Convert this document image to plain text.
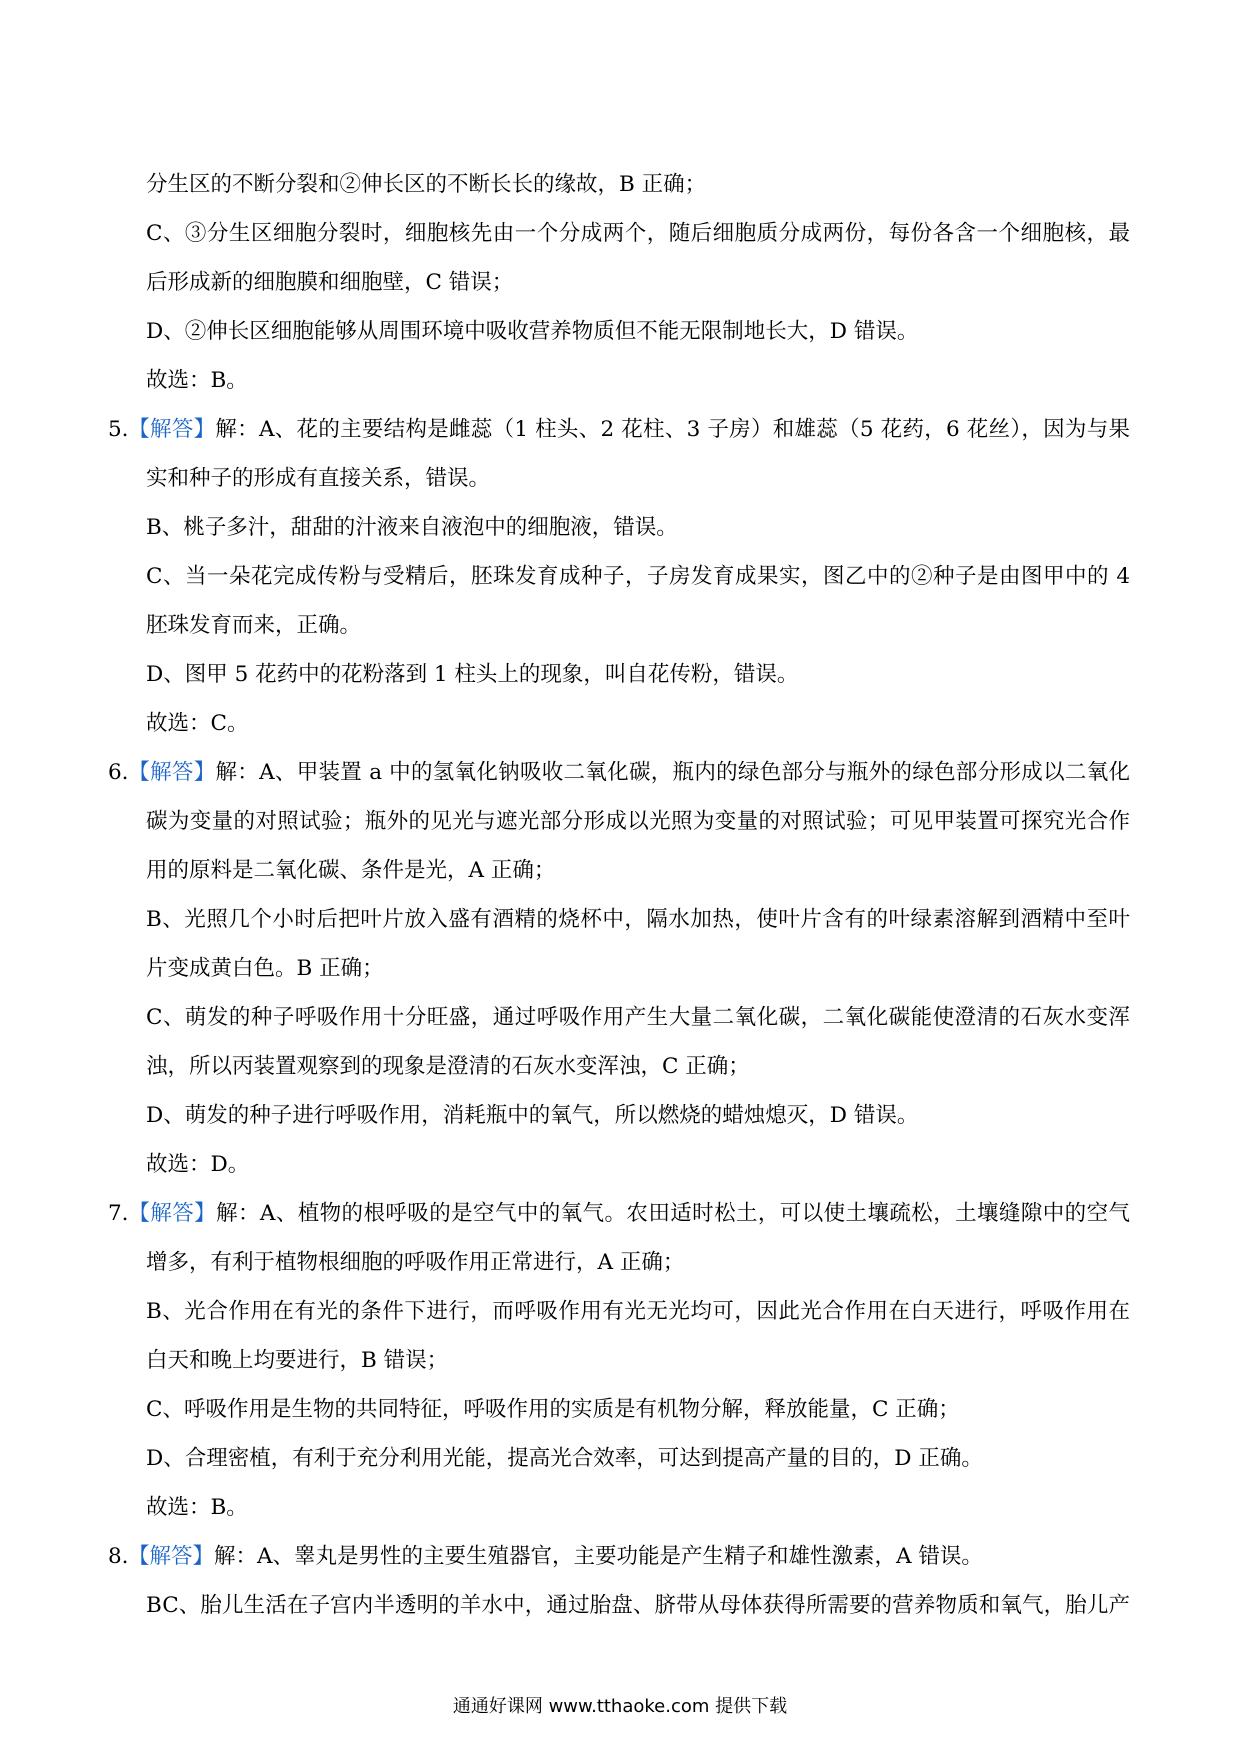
分生区的不断分裂和②伸长区的不断长长的缘故，B 正确；
C、③分生区细胞分裂时，细胞核先由一个分成两个，随后细胞质分成两份，每份各含一个细胞核，最
后形成新的细胞膜和细胞壁，C 错误；
D、②伸长区细胞能够从周围环境中吸收营养物质但不能无限制地长大，D 错误。
故选：B。
5.【解答】解：A、花的主要结构是雌蕊（1 柱头、2 花柱、3 子房）和雄蕊（5 花药，6 花丝），因为与果
实和种子的形成有直接关系，错误。
B、桃子多汁，甜甜的汁液来自液泡中的细胞液，错误。
C、当一朵花完成传粉与受精后，胚珠发育成种子，子房发育成果实，图乙中的②种子是由图甲中的 4
胚珠发育而来，正确。
D、图甲 5 花药中的花粉落到 1 柱头上的现象，叫自花传粉，错误。
故选：C。
6.【解答】解：A、甲装置 a 中的氢氧化钠吸收二氧化碳，瓶内的绿色部分与瓶外的绿色部分形成以二氧化
碳为变量的对照试验；瓶外的见光与遮光部分形成以光照为变量的对照试验；可见甲装置可探究光合作
用的原料是二氧化碳、条件是光，A 正确；
B、光照几个小时后把叶片放入盛有酒精的烧杯中，隔水加热，使叶片含有的叶绿素溶解到酒精中至叶
片变成黄白色。B 正确；
C、萌发的种子呼吸作用十分旺盛，通过呼吸作用产生大量二氧化碳，二氧化碳能使澄清的石灰水变浑
浊，所以丙装置观察到的现象是澄清的石灰水变浑浊，C 正确；
D、萌发的种子进行呼吸作用，消耗瓶中的氧气，所以燃烧的蜡烛熄灭，D 错误。
故选：D。
7.【解答】解：A、植物的根呼吸的是空气中的氧气。农田适时松土，可以使土壤疏松，土壤缝隙中的空气
增多，有利于植物根细胞的呼吸作用正常进行，A 正确；
B、光合作用在有光的条件下进行，而呼吸作用有光无光均可，因此光合作用在白天进行，呼吸作用在
白天和晚上均要进行，B 错误；
C、呼吸作用是生物的共同特征，呼吸作用的实质是有机物分解，释放能量，C 正确；
D、合理密植，有利于充分利用光能，提高光合效率，可达到提高产量的目的，D 正确。
故选：B。
8.【解答】解：A、睾丸是男性的主要生殖器官，主要功能是产生精子和雄性激素，A 错误。
BC、胎儿生活在子宫内半透明的羊水中，通过胎盘、脐带从母体获得所需要的营养物质和氧气，胎儿产
通通好课网 www.tthaoke.com 提供下载
